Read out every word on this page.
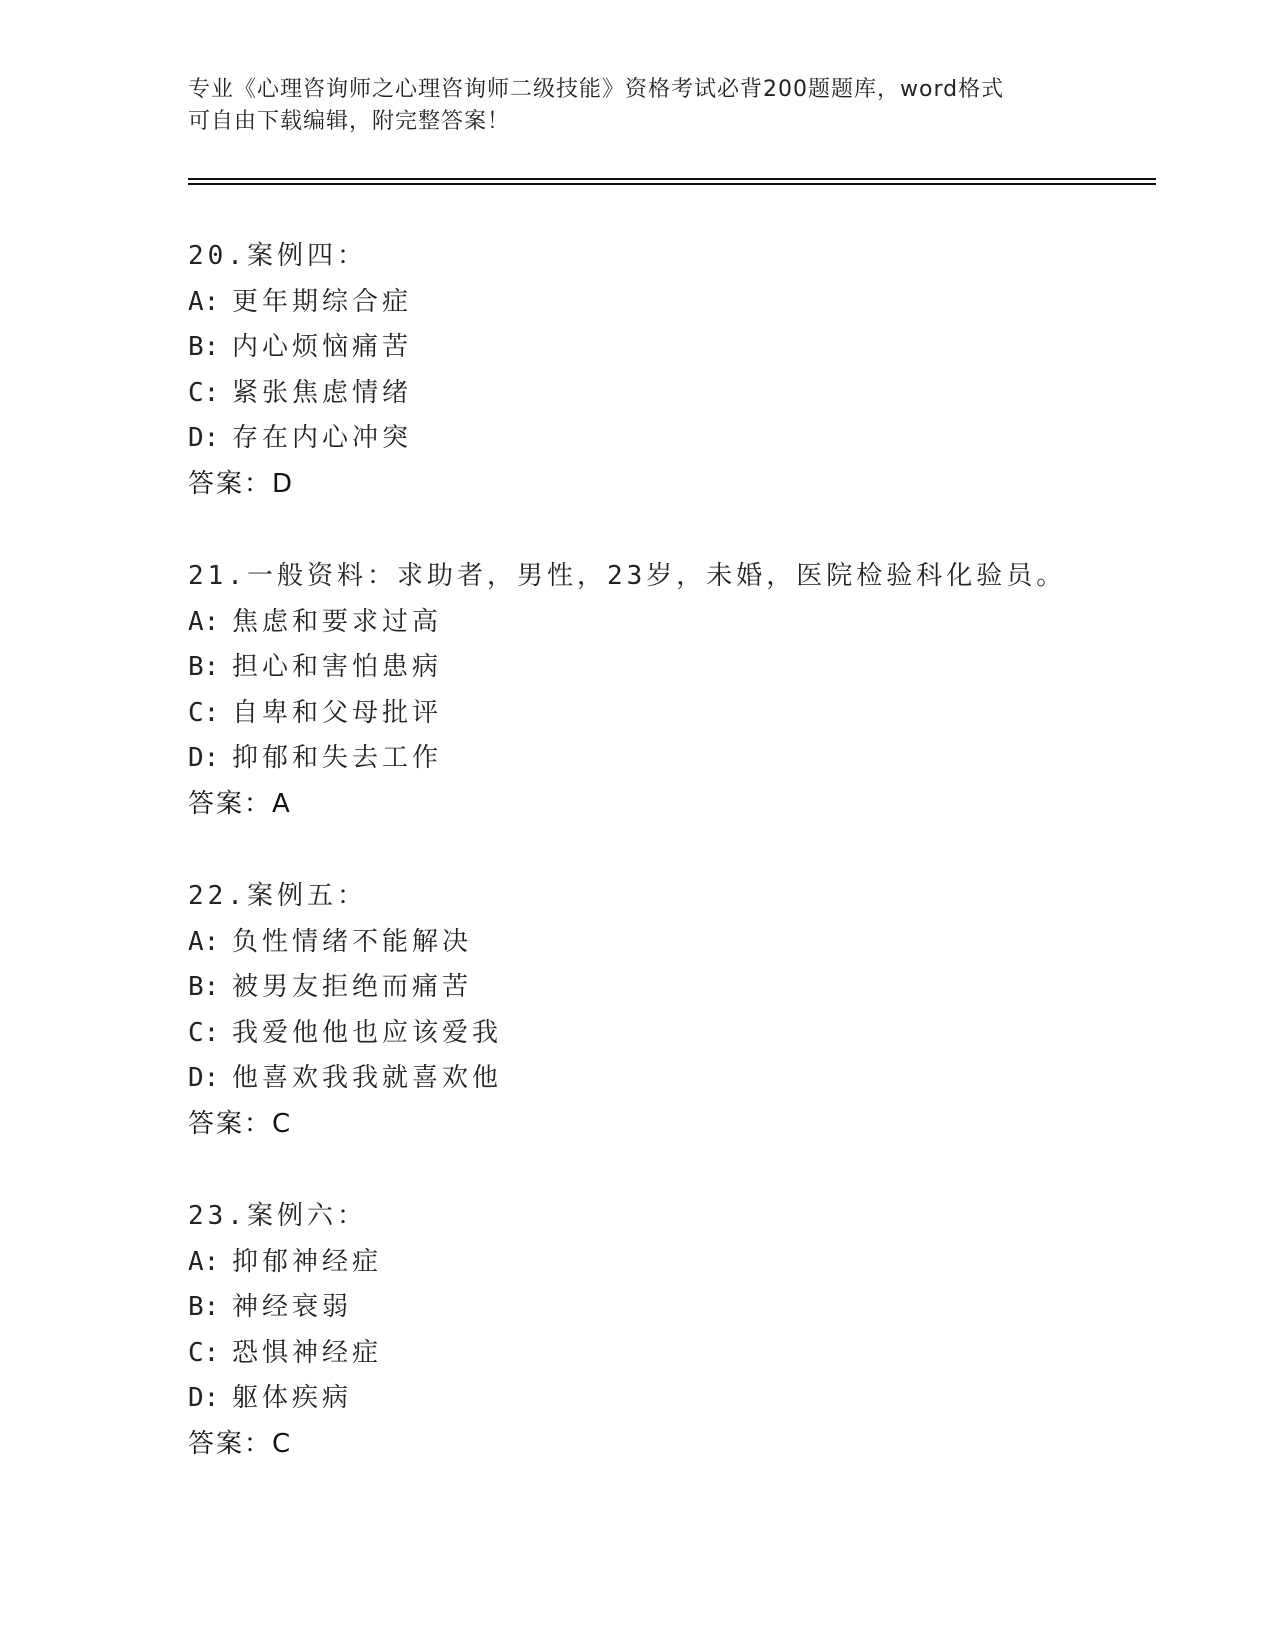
专业《心理咨询师之心理咨询师二级技能》资格考试必背200题题库，word格式
可自由下载编辑，附完整答案！
20.案例四：
A: 更年期综合症
B: 内心烦恼痛苦
C: 紧张焦虑情绪
D: 存在内心冲突
答案：D
21.一般资料：求助者，男性，23岁，未婚，医院检验科化验员。
A: 焦虑和要求过高
B: 担心和害怕患病
C: 自卑和父母批评
D: 抑郁和失去工作
答案：A
22.案例五：
A: 负性情绪不能解决
B: 被男友拒绝而痛苦
C: 我爱他他也应该爱我
D: 他喜欢我我就喜欢他
答案：C
23.案例六：
A: 抑郁神经症
B: 神经衰弱
C: 恐惧神经症
D: 躯体疾病
答案：C
